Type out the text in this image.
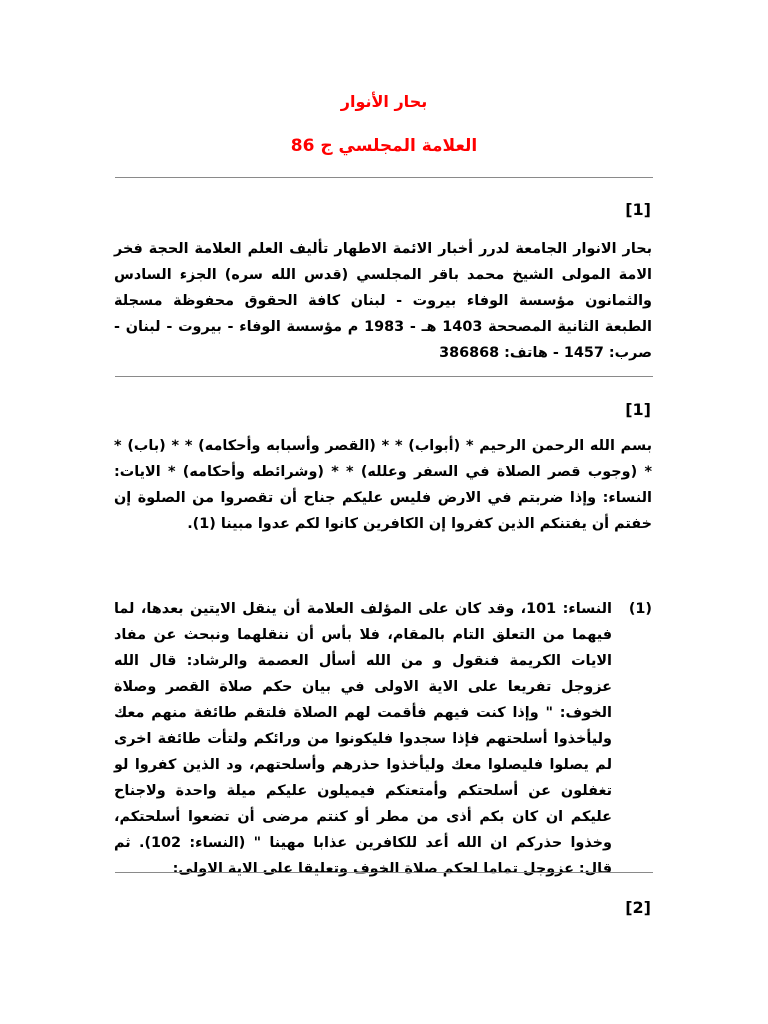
بحار الأنوار
العلامة المجلسي ج 86

[1]

بحار الانوار الجامعة لدرر أخبار الائمة الاطهار تأليف العلم العلامة الحجة فخر الامة المولى الشيخ محمد باقر المجلسي (قدس الله سره) الجزء السادس والثمانون مؤسسة الوفاء بيروت - لبنان كافة الحقوق محفوظة مسجلة الطبعة الثانية المصححة 1403 هـ - 1983 م مؤسسة الوفاء - بيروت - لبنان - صرب: 1457 - هاتف: 386868

[1]

بسم الله الرحمن الرحيم * (أبواب) * * (القصر وأسبابه وأحكامه) * * (باب) * * (وجوب قصر الصلاة في السفر وعلله) * * (وشرائطه وأحكامه) * الايات: النساء: وإذا ضربتم في الارض فليس عليكم جناح أن تقصروا من الصلوة إن خفتم أن يفتنكم الذين كفروا إن الكافرين كانوا لكم عدوا مبينا (1).

(1)

النساء: 101، وقد كان على المؤلف العلامة أن ينقل الايتين بعدها، لما فيهما من التعلق التام بالمقام، فلا بأس أن ننقلهما ونبحث عن مفاد الايات الكريمة فنقول و من الله أسأل العصمة والرشاد: قال الله عزوجل تفريعا على الاية الاولى في بيان حكم صلاة القصر وصلاة الخوف: " وإذا كنت فيهم فأقمت لهم الصلاة فلتقم طائفة منهم معك وليأخذوا أسلحتهم فإذا سجدوا فليكونوا من ورائكم ولتأت طائفة اخرى لم يصلوا فليصلوا معك وليأخذوا حذرهم وأسلحتهم، ود الذين كفروا لو تغفلون عن أسلحتكم وأمتعتكم فيميلون عليكم ميلة واحدة ولاجناح عليكم ان كان بكم أذى من مطر أو كنتم مرضى أن تضعوا أسلحتكم، وخذوا حذركم ان الله أعد للكافرين عذابا مهينا " (النساء: 102). ثم قال: عزوجل تماما لحكم صلاة الخوف وتعليقا على الاية الاولى:

[2]
